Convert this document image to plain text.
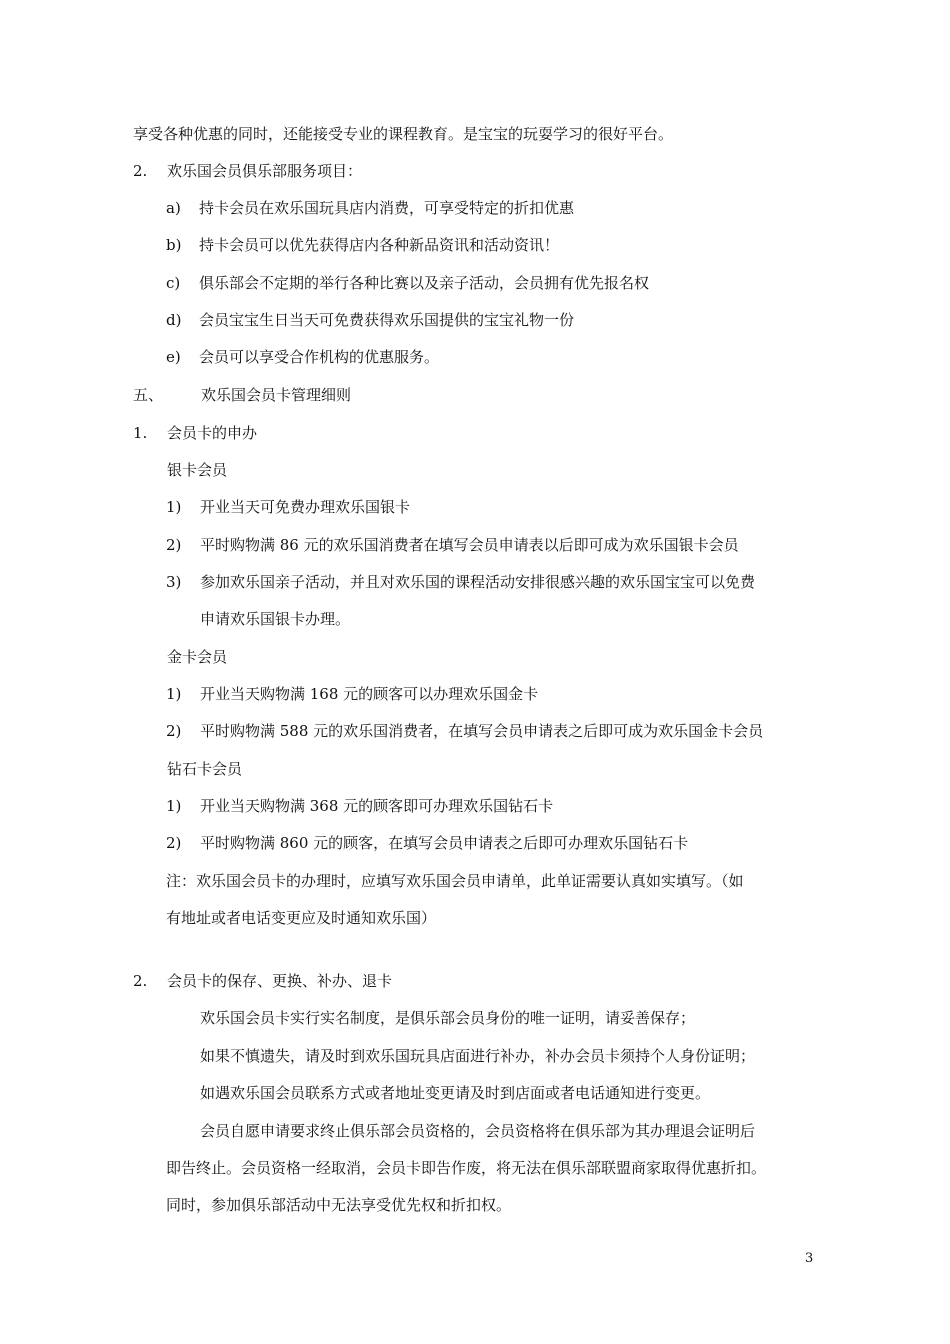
享受各种优惠的同时，还能接受专业的课程教育。是宝宝的玩耍学习的很好平台。
2. 欢乐国会员俱乐部服务项目：
a) 持卡会员在欢乐国玩具店内消费，可享受特定的折扣优惠
b) 持卡会员可以优先获得店内各种新品资讯和活动资讯！
c) 俱乐部会不定期的举行各种比赛以及亲子活动，会员拥有优先报名权
d) 会员宝宝生日当天可免费获得欢乐国提供的宝宝礼物一份
e) 会员可以享受合作机构的优惠服务。
五、	欢乐国会员卡管理细则
1. 会员卡的申办
银卡会员
1) 开业当天可免费办理欢乐国银卡
2) 平时购物满 86 元的欢乐国消费者在填写会员申请表以后即可成为欢乐国银卡会员
3) 参加欢乐国亲子活动，并且对欢乐国的课程活动安排很感兴趣的欢乐国宝宝可以免费
申请欢乐国银卡办理。
金卡会员
1) 开业当天购物满 168 元的顾客可以办理欢乐国金卡
2) 平时购物满 588 元的欢乐国消费者，在填写会员申请表之后即可成为欢乐国金卡会员
钻石卡会员
1) 开业当天购物满 368 元的顾客即可办理欢乐国钻石卡
2) 平时购物满 860 元的顾客，在填写会员申请表之后即可办理欢乐国钻石卡
注：欢乐国会员卡的办理时，应填写欢乐国会员申请单，此单证需要认真如实填写。（如
有地址或者电话变更应及时通知欢乐国）
2. 会员卡的保存、更换、补办、退卡
欢乐国会员卡实行实名制度，是俱乐部会员身份的唯一证明，请妥善保存；
如果不慎遗失，请及时到欢乐国玩具店面进行补办，补办会员卡须持个人身份证明；
如遇欢乐国会员联系方式或者地址变更请及时到店面或者电话通知进行变更。
会员自愿申请要求终止俱乐部会员资格的，会员资格将在俱乐部为其办理退会证明后
即告终止。会员资格一经取消，会员卡即告作废，将无法在俱乐部联盟商家取得优惠折扣。
同时，参加俱乐部活动中无法享受优先权和折扣权。
3
